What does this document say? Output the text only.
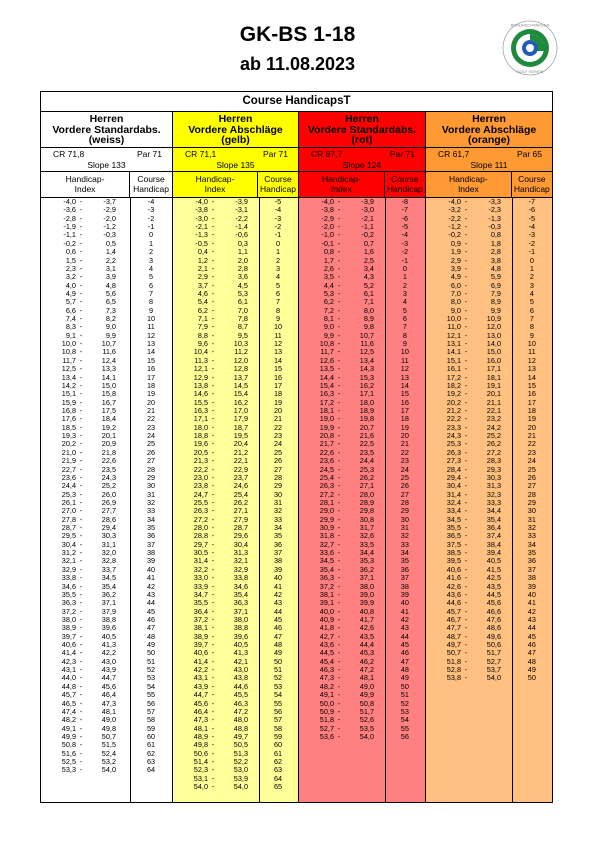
GK-BS 1-18
ab 11.08.2023
BRAUNSCHWEIGER
GOLF VEREIN
Course HandicapsT
Herren
Vordere Standardabs.
(weiss)
CR 71,8	Par 71
Slope 133
Handicap-
Index
Course
Handicap
-4,0 -	-3,7	-4
-3,6 -	-2,9	-3
-2,8 -	-2,0	-2
-1,9 -	-1,2	-1
-1,1 -	-0,3	0
-0,2 -	0,5	1
0,6 -	1,4	2
1,5 -	2,2	3
2,3 -	3,1	4
3,2 -	3,9	5
4,0 -	4,8	6
4,9 -	5,6	7
5,7 -	6,5	8
6,6 -	7,3	9
7,4 -	8,2	10
8,3 -	9,0	11
9,1 -	9,9	12
10,0 -	10,7	13
10,8 -	11,6	14
11,7 -	12,4	15
12,5 -	13,3	16
13,4 -	14,1	17
14,2 -	15,0	18
15,1 -	15,8	19
15,9 -	16,7	20
16,8 -	17,5	21
17,6 -	18,4	22
18,5 -	19,2	23
19,3 -	20,1	24
20,2 -	20,9	25
21,0 -	21,8	26
21,9 -	22,6	27
22,7 -	23,5	28
23,6 -	24,3	29
24,4 -	25,2	30
25,3 -	26,0	31
26,1 -	26,9	32
27,0 -	27,7	33
27,8 -	28,6	34
28,7 -	29,4	35
29,5 -	30,3	36
30,4 -	31,1	37
31,2 -	32,0	38
32,1 -	32,8	39
32,9 -	33,7	40
33,8 -	34,5	41
34,6 -	35,4	42
35,5 -	36,2	43
36,3 -	37,1	44
37,2 -	37,9	45
38,0 -	38,8	46
38,9 -	39,6	47
39,7 -	40,5	48
40,6 -	41,3	49
41,4 -	42,2	50
42,3 -	43,0	51
43,1 -	43,9	52
44,0 -	44,7	53
44,8 -	45,6	54
45,7 -	46,4	55
46,5 -	47,3	56
47,4 -	48,1	57
48,2 -	49,0	58
49,1 -	49,8	59
49,9 -	50,7	60
50,8 -	51,5	61
51,6 -	52,4	62
52,5 -	53,2	63
53,3 -	54,0	64
Herren
Vordere Abschläge
(gelb)
CR 71,1	Par 71
Slope 135
Handicap-
Index
Course
Handicap
-4,0 -	-3,9	-5
-3,8 -	-3,1	-4
-3,0 -	-2,2	-3
-2,1 -	-1,4	-2
-1,3 -	-0,6	-1
-0,5 -	0,3	0
0,4 -	1,1	1
1,2 -	2,0	2
2,1 -	2,8	3
2,9 -	3,6	4
3,7 -	4,5	5
4,6 -	5,3	6
5,4 -	6,1	7
6,2 -	7,0	8
7,1 -	7,8	9
7,9 -	8,7	10
8,8 -	9,5	11
9,6 -	10,3	12
10,4 -	11,2	13
11,3 -	12,0	14
12,1 -	12,8	15
12,9 -	13,7	16
13,8 -	14,5	17
14,6 -	15,4	18
15,5 -	16,2	19
16,3 -	17,0	20
17,1 -	17,9	21
18,0 -	18,7	22
18,8 -	19,5	23
19,6 -	20,4	24
20,5 -	21,2	25
21,3 -	22,1	26
22,2 -	22,9	27
23,0 -	23,7	28
23,8 -	24,6	29
24,7 -	25,4	30
25,5 -	26,2	31
26,3 -	27,1	32
27,2 -	27,9	33
28,0 -	28,7	34
28,8 -	29,6	35
29,7 -	30,4	36
30,5 -	31,3	37
31,4 -	32,1	38
32,2 -	32,9	39
33,0 -	33,8	40
33,9 -	34,6	41
34,7 -	35,4	42
35,5 -	36,3	43
36,4 -	37,1	44
37,2 -	38,0	45
38,1 -	38,8	46
38,9 -	39,6	47
39,7 -	40,5	48
40,6 -	41,3	49
41,4 -	42,1	50
42,2 -	43,0	51
43,1 -	43,8	52
43,9 -	44,6	53
44,7 -	45,5	54
45,6 -	46,3	55
46,4 -	47,2	56
47,3 -	48,0	57
48,1 -	48,8	58
48,9 -	49,7	59
49,8 -	50,5	60
50,6 -	51,3	61
51,4 -	52,2	62
52,3 -	53,0	63
53,1 -	53,9	64
54,0 -	54,0	65
Herren
Vordere Standardabs.
(rot)
CR 67,7	Par 71
Slope 124
Handicap-
Index
Course
Handicap
-4,0 -	-3,9	-8
-3,8 -	-3,0	-7
-2,9 -	-2,1	-6
-2,0 -	-1,1	-5
-1,0 -	-0,2	-4
-0,1 -	0,7	-3
0,8 -	1,6	-2
1,7 -	2,5	-1
2,6 -	3,4	0
3,5 -	4,3	1
4,4 -	5,2	2
5,3 -	6,1	3
6,2 -	7,1	4
7,2 -	8,0	5
8,1 -	8,9	6
9,0 -	9,8	7
9,9 -	10,7	8
10,8 -	11,6	9
11,7 -	12,5	10
12,6 -	13,4	11
13,5 -	14,3	12
14,4 -	15,3	13
15,4 -	16,2	14
16,3 -	17,1	15
17,2 -	18,0	16
18,1 -	18,9	17
19,0 -	19,8	18
19,9 -	20,7	19
20,8 -	21,6	20
21,7 -	22,5	21
22,6 -	23,5	22
23,6 -	24,4	23
24,5 -	25,3	24
25,4 -	26,2	25
26,3 -	27,1	26
27,2 -	28,0	27
28,1 -	28,9	28
29,0 -	29,8	29
29,9 -	30,8	30
30,9 -	31,7	31
31,8 -	32,6	32
32,7 -	33,5	33
33,6 -	34,4	34
34,5 -	35,3	35
35,4 -	36,2	36
36,3 -	37,1	37
37,2 -	38,0	38
38,1 -	39,0	39
39,1 -	39,9	40
40,0 -	40,8	41
40,9 -	41,7	42
41,8 -	42,6	43
42,7 -	43,5	44
43,6 -	44,4	45
44,5 -	45,3	46
45,4 -	46,2	47
46,3 -	47,2	48
47,3 -	48,1	49
48,2 -	49,0	50
49,1 -	49,9	51
50,0 -	50,8	52
50,9 -	51,7	53
51,8 -	52,6	54
52,7 -	53,5	55
53,6 -	54,0	56
Herren
Vordere Abschläge
(orange)
CR 61,7	Par 65
Slope 111
Handicap-
Index
Course
Handicap
-4,0 -	-3,3	-7
-3,2 -	-2,3	-6
-2,2 -	-1,3	-5
-1,2 -	-0,3	-4
-0,2 -	0,8	-3
0,9 -	1,8	-2
1,9 -	2,8	-1
2,9 -	3,8	0
3,9 -	4,8	1
4,9 -	5,9	2
6,0 -	6,9	3
7,0 -	7,9	4
8,0 -	8,9	5
9,0 -	9,9	6
10,0 -	10,9	7
11,0 -	12,0	8
12,1 -	13,0	9
13,1 -	14,0	10
14,1 -	15,0	11
15,1 -	16,0	12
16,1 -	17,1	13
17,2 -	18,1	14
18,2 -	19,1	15
19,2 -	20,1	16
20,2 -	21,1	17
21,2 -	22,1	18
22,2 -	23,2	19
23,3 -	24,2	20
24,3 -	25,2	21
25,3 -	26,2	22
26,3 -	27,2	23
27,3 -	28,3	24
28,4 -	29,3	25
29,4 -	30,3	26
30,4 -	31,3	27
31,4 -	32,3	28
32,4 -	33,3	29
33,4 -	34,4	30
34,5 -	35,4	31
35,5 -	36,4	32
36,5 -	37,4	33
37,5 -	38,4	34
38,5 -	39,4	35
39,5 -	40,5	36
40,6 -	41,5	37
41,6 -	42,5	38
42,6 -	43,5	39
43,6 -	44,5	40
44,6 -	45,6	41
45,7 -	46,6	42
46,7 -	47,6	43
47,7 -	48,6	44
48,7 -	49,6	45
49,7 -	50,6	46
50,7 -	51,7	47
51,8 -	52,7	48
52,8 -	53,7	49
53,8 -	54,0	50
